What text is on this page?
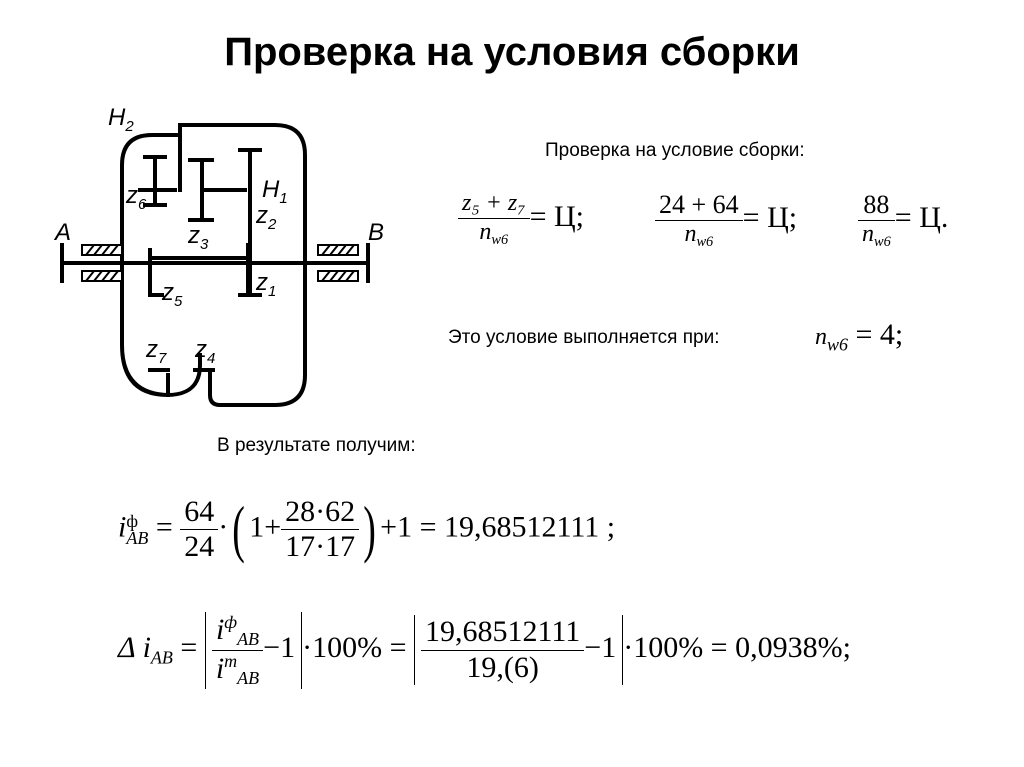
Проверка на условия сборки
$H_2$
$H_1$
$z_6$
$z_3$
$z_2$
$z_5$
$z_1$
$z_7$ $z_4$
A	B
Проверка на условие сборки:
$\frac{\text{z₅ + z₇}}{n_{w6}} = Ц$;	$\frac{24 + 64}{n_{w6}} = Ц$; $\frac{88}{n_{w6}} = Ц$.
Это условие выполняется при:	$n_{w6} = 4$;
В результате получим:
i ф
AB = $\frac{64}{24}$ ·( $1+ \frac{28\cdot 62}{17\cdot 17}$ ) +1 = 19,68512111 ;
Δ $i_{AB} = \frac{i^ф_{AB}}{i^т_{AB}} -1 \cdot 100\% = \frac{19,68512111}{19,(6)} -1 \cdot 100\% = 0,0938\%$;
